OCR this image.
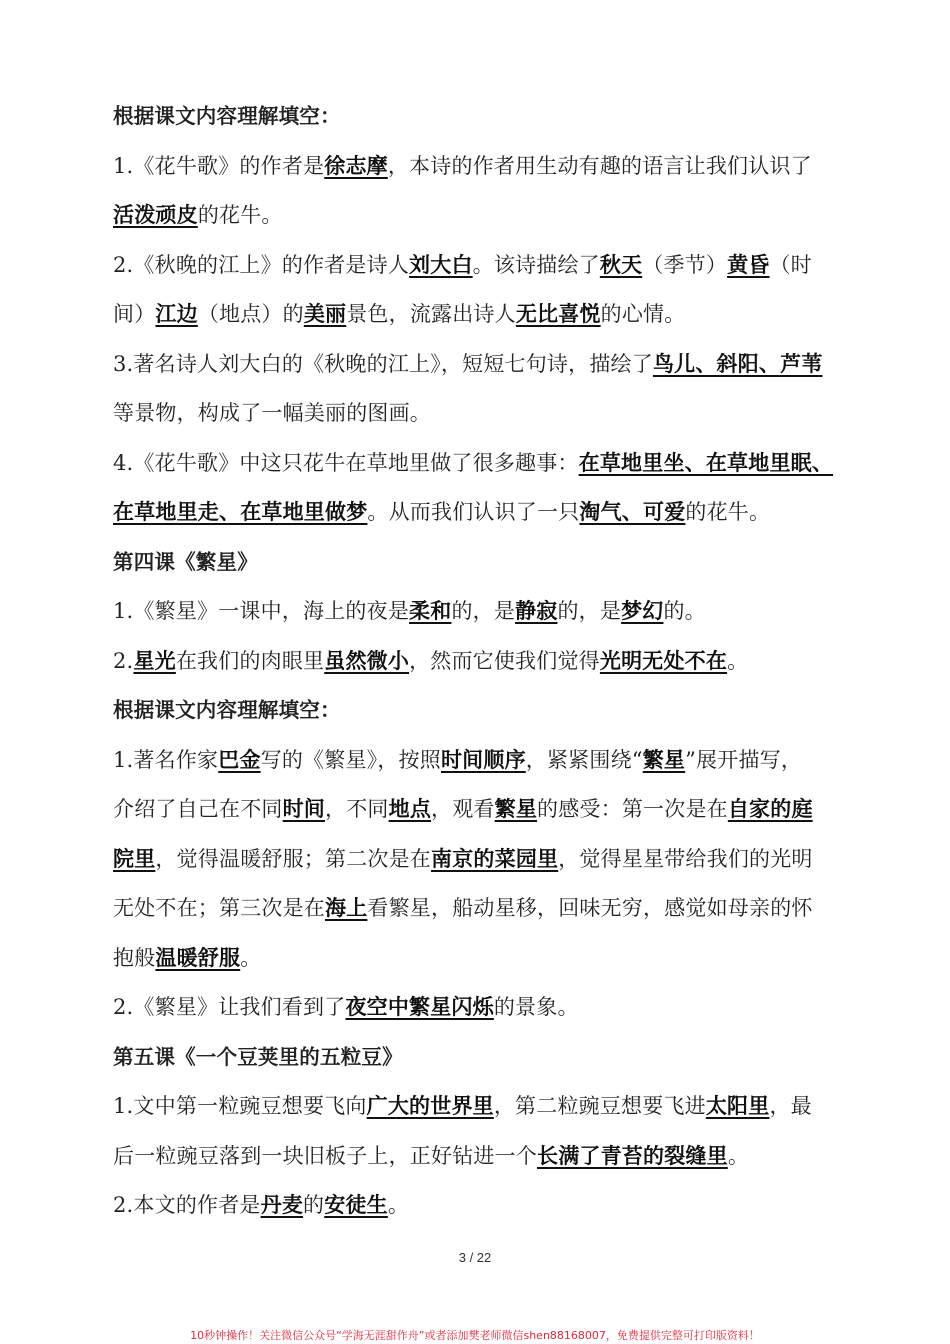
根据课文内容理解填空：
1.《花牛歌》的作者是徐志摩，本诗的作者用生动有趣的语言让我们认识了
活泼顽皮的花牛。
2.《秋晚的江上》的作者是诗人刘大白。该诗描绘了秋天（季节）黄昏（时
间）江边（地点）的美丽景色，流露出诗人无比喜悦的心情。
3.著名诗人刘大白的《秋晚的江上》，短短七句诗，描绘了鸟儿、斜阳、芦苇
等景物，构成了一幅美丽的图画。
4.《花牛歌》中这只花牛在草地里做了很多趣事：在草地里坐、在草地里眠、
在草地里走、在草地里做梦。从而我们认识了一只淘气、可爱的花牛。
第四课《繁星》
1.《繁星》一课中，海上的夜是柔和的，是静寂的，是梦幻的。
2.星光在我们的肉眼里虽然微小，然而它使我们觉得光明无处不在。
根据课文内容理解填空：
1.著名作家巴金写的《繁星》，按照时间顺序，紧紧围绕“繁星”展开描写，
介绍了自己在不同时间，不同地点，观看繁星的感受：第一次是在自家的庭
院里，觉得温暖舒服；第二次是在南京的菜园里，觉得星星带给我们的光明
无处不在；第三次是在海上看繁星，船动星移，回味无穷，感觉如母亲的怀
抱般温暖舒服。
2.《繁星》让我们看到了夜空中繁星闪烁的景象。
第五课《一个豆荚里的五粒豆》
1.文中第一粒豌豆想要飞向广大的世界里，第二粒豌豆想要飞进太阳里，最
后一粒豌豆落到一块旧板子上，正好钻进一个长满了青苔的裂缝里。
2.本文的作者是丹麦的安徒生。
3 / 22
10秒钟操作！关注微信公众号“学海无涯甜作舟”或者添加樊老师微信shen88168007，免费提供完整可打印版资料！
